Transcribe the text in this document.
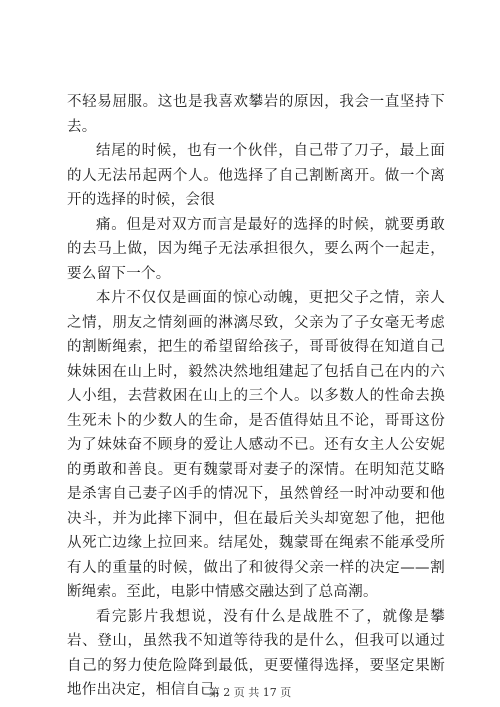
不轻易屈服。这也是我喜欢攀岩的原因，我会一直坚持下去。

结尾的时候，也有一个伙伴，自己带了刀子，最上面的人无法吊起两个人。他选择了自己割断离开。做一个离开的选择的时候，会很

痛。但是对双方而言是最好的选择的时候，就要勇敢的去马上做，因为绳子无法承担很久，要么两个一起走，要么留下一个。

本片不仅仅是画面的惊心动魄，更把父子之情，亲人之情，朋友之情刻画的淋漓尽致，父亲为了子女毫无考虑的割断绳索，把生的希望留给孩子，哥哥彼得在知道自己妹妹困在山上时，毅然决然地组建起了包括自己在内的六人小组，去营救困在山上的三个人。以多数人的性命去换生死未卜的少数人的生命，是否值得姑且不论，哥哥这份为了妹妹奋不顾身的爱让人感动不已。还有女主人公安妮的勇敢和善良。更有魏蒙哥对妻子的深情。在明知范艾略是杀害自己妻子凶手的情况下，虽然曾经一时冲动要和他决斗，并为此摔下洞中，但在最后关头却宽恕了他，把他从死亡边缘上拉回来。结尾处，魏蒙哥在绳索不能承受所有人的重量的时候，做出了和彼得父亲一样的决定——割断绳索。至此，电影中情感交融达到了总高潮。

看完影片我想说，没有什么是战胜不了，就像是攀岩、登山，虽然我不知道等待我的是什么，但我可以通过自己的努力使危险降到最低，更要懂得选择，要坚定果断地作出决定，相信自己，

第 2 页 共 17 页
